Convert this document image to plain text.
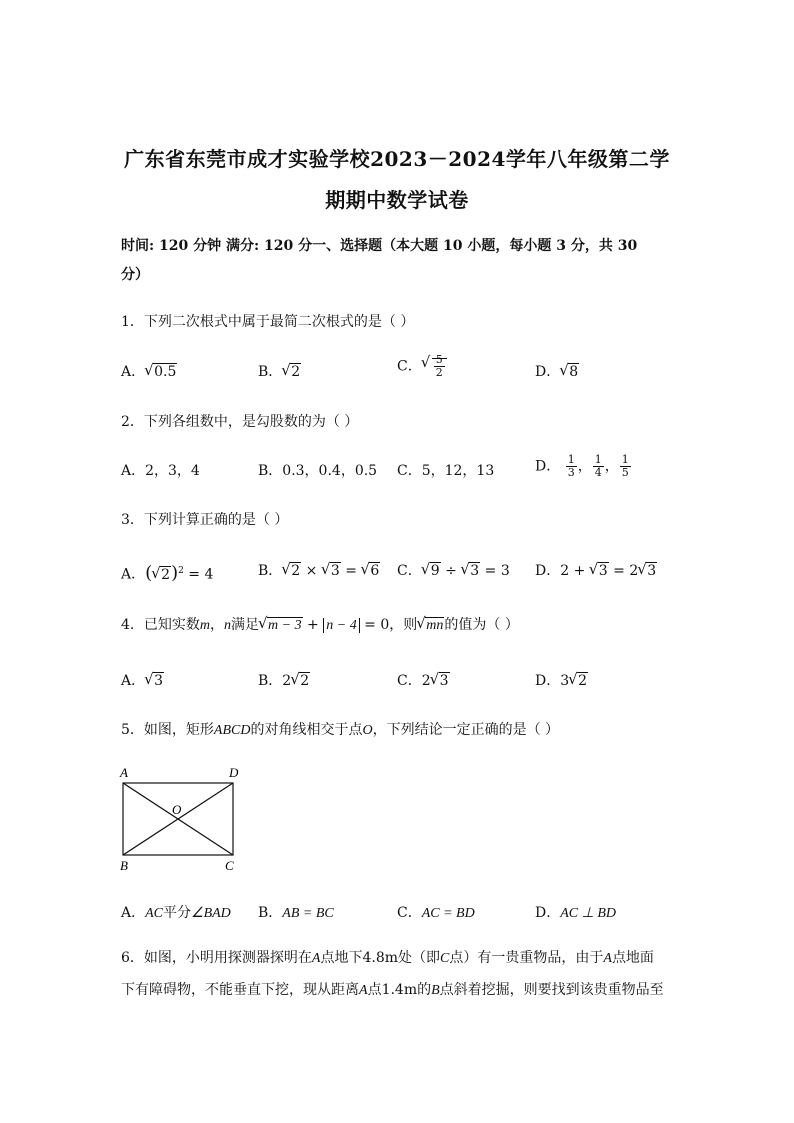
广东省东莞市成才实验学校2023－2024学年八年级第二学
期期中数学试卷
时间: 120 分钟 满分: 120 分一、选择题（本大题 10 小题，每小题 3 分，共 30
分）
1．下列二次根式中属于最简二次根式的是（ ）
A． √ 0.5	B． √ 2	C． √ $\frac{5}{2}$	D． √ 8
2．下列各组数中，是勾股数的为（ ）
A．2，3，4	B．0.3，0.4，0.5 C．5，12，13	D． $\frac{1}{3}$ ， $\frac{1}{4}$ ， $\frac{1}{5}$
3．下列计算正确的是（ ）
A．( √ 2)$^2$ = 4	B． √ 2 × √ 3 = √ 6 C． √ 9 ÷ √ 3 = 3 D．2 + √ 3 = 2 √ 3
4．已知实数m，n满足 √ m − 3 + n − 4 = 0，则 √ mn的值为（ ）
A． √ 3	B．2 √ 2	C．2 √ 3	D．3 √ 2
5．如图，矩形ABCD的对角线相交于点O，下列结论一定正确的是（ ）
A	D
B	C
O
A．AC平分∠BAD B．AB = BC	C．AC = BD	D．AC ⊥ BD
6．如图，小明用探测器探明在A点地下4.8m处（即C点）有一贵重物品，由于A点地面
下有障碍物，不能垂直下挖，现从距离A点1.4m的B点斜着挖掘，则要找到该贵重物品至
